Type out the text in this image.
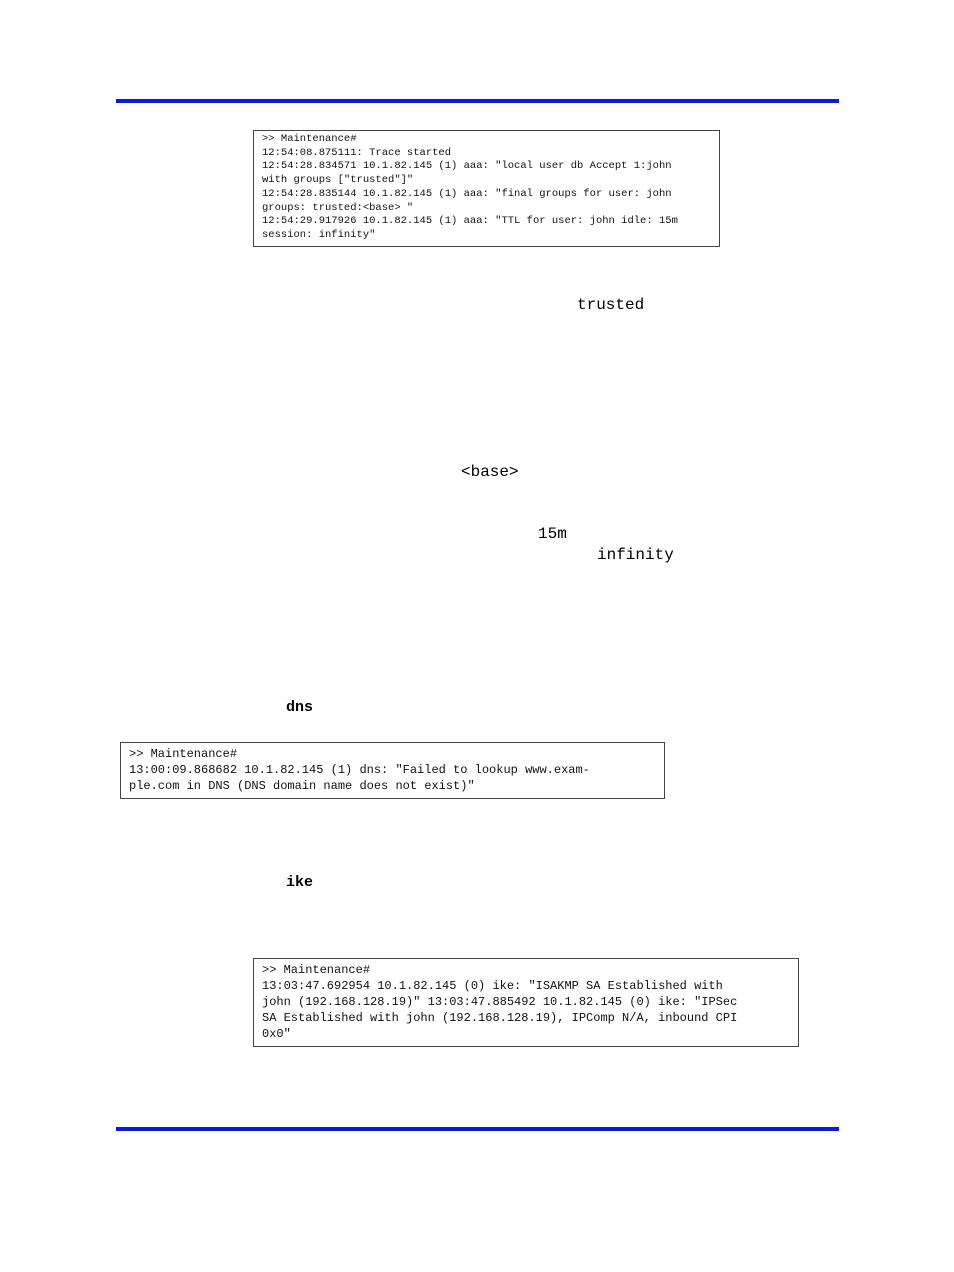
>> Maintenance#
12:54:08.875111: Trace started
12:54:28.834571 10.1.82.145 (1) aaa: "local user db Accept 1:john
with groups ["trusted"]"
12:54:28.835144 10.1.82.145 (1) aaa: "final groups for user: john
groups: trusted:<base> "
12:54:29.917926 10.1.82.145 (1) aaa: "TTL for user: john idle: 15m
session: infinity"
trusted
<base>
15m
infinity
dns
>> Maintenance#
13:00:09.868682 10.1.82.145 (1) dns: "Failed to lookup www.exam-
ple.com in DNS (DNS domain name does not exist)"
ike
>> Maintenance#
13:03:47.692954 10.1.82.145 (0) ike: "ISAKMP SA Established with
john (192.168.128.19)" 13:03:47.885492 10.1.82.145 (0) ike: "IPSec
SA Established with john (192.168.128.19), IPComp N/A, inbound CPI
0x0"
